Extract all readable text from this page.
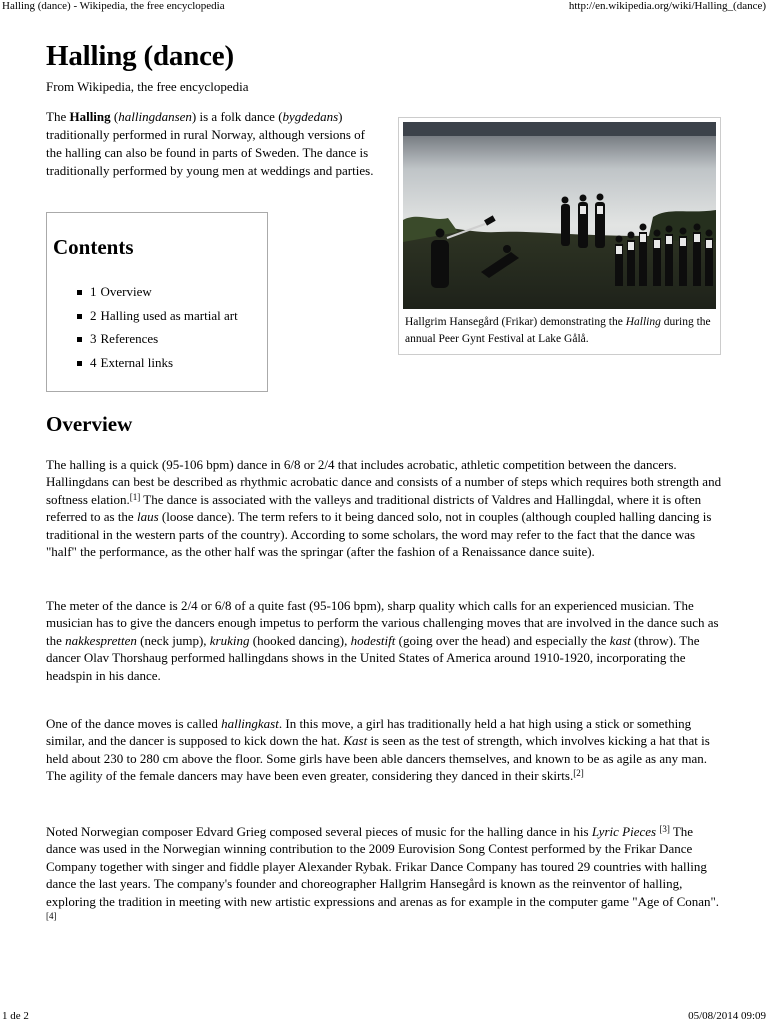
Halling (dance) - Wikipedia, the free encyclopedia	http://en.wikipedia.org/wiki/Halling_(dance)
Halling (dance)
From Wikipedia, the free encyclopedia

The Halling (hallingdansen) is a folk dance (bygdedans) traditionally performed in rural Norway, although versions of the halling can also be found in parts of Sweden. The dance is traditionally performed by young men at weddings and parties.

Contents
1 Overview
2 Halling used as martial art
3 References
4 External links
Hallgrim Hansegård (Frikar) demonstrating the Halling during the annual Peer Gynt Festival at Lake Gålå.
Overview

The halling is a quick (95-106 bpm) dance in 6/8 or 2/4 that includes acrobatic, athletic competition between the dancers. Hallingdans can best be described as rhythmic acrobatic dance and consists of a number of steps which requires both strength and softness elation.[1] The dance is associated with the valleys and traditional districts of Valdres and Hallingdal, where it is often referred to as the laus (loose dance). The term refers to it being danced solo, not in couples (although coupled halling dancing is traditional in the western parts of the country). According to some scholars, the word may refer to the fact that the dance was "half" the performance, as the other half was the springar (after the fashion of a Renaissance dance suite).

The meter of the dance is 2/4 or 6/8 of a quite fast (95-106 bpm), sharp quality which calls for an experienced musician. The musician has to give the dancers enough impetus to perform the various challenging moves that are involved in the dance such as the nakkespretten (neck jump), kruking (hooked dancing), hodestift (going over the head) and especially the kast (throw). The dancer Olav Thorshaug performed hallingdans shows in the United States of America around 1910-1920, incorporating the headspin in his dance.

One of the dance moves is called hallingkast. In this move, a girl has traditionally held a hat high using a stick or something similar, and the dancer is supposed to kick down the hat. Kast is seen as the test of strength, which involves kicking a hat that is held about 230 to 280 cm above the floor. Some girls have been able dancers themselves, and known to be as agile as any man. The agility of the female dancers may have been even greater, considering they danced in their skirts.[2]

Noted Norwegian composer Edvard Grieg composed several pieces of music for the halling dance in his Lyric Pieces [3] The dance was used in the Norwegian winning contribution to the 2009 Eurovision Song Contest performed by the Frikar Dance Company together with singer and fiddle player Alexander Rybak. Frikar Dance Company has toured 29 countries with halling dance the last years. The company's founder and choreographer Hallgrim Hansegård is known as the reinventor of halling, exploring the tradition in meeting with new artistic expressions and arenas as for example in the computer game "Age of Conan".[4]

1 de 2	05/08/2014 09:09
